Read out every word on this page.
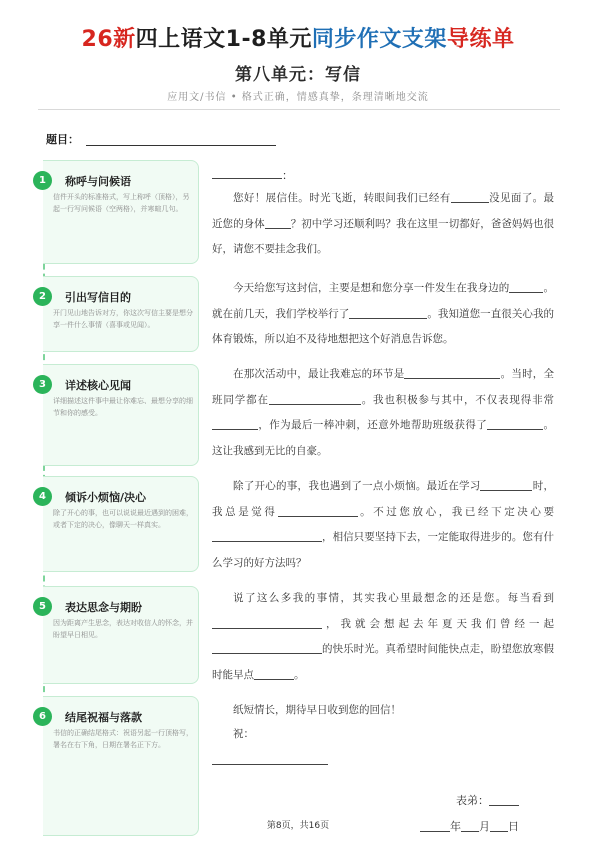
26新四上语文1-8单元同步作文支架导练单
第八单元：写信
应用文/书信 • 格式正确，情感真挚，条理清晰地交流
题目：
1	称呼与问候语
信件开头的标准格式，写上称呼（顶格），另起一行写问候语（空两格），并寒暄几句。
2	引出写信目的
开门见山地告诉对方，你这次写信主要是想分享一件什么事情（喜事或见闻）。
3	详述核心见闻
详细描述这件事中最让你难忘、最想分享的细节和你的感受。
4	倾诉小烦恼/决心
除了开心的事，也可以说说最近遇到的困难，或者下定的决心，像聊天一样真实。
5	表达思念与期盼
因为距离产生思念，表达对收信人的怀念，并盼望早日相见。
6	结尾祝福与落款
书信的正确结尾格式：祝语另起一行顶格写，署名在右下角，日期在署名正下方。
：
您好！展信佳。时光飞逝，转眼间我们已经有	没见面了。最近您的身体 ？初中学习还顺利吗？我在这里一切都好，爸爸妈妈也很好，请您不要挂念我们。
今天给您写这封信，主要是想和您分享一件发生在我身边的	。就在前几天，我们学校举行了	。我知道您一直很关心我的体育锻炼，所以迫不及待地想把这个好消息告诉您。
在那次活动中，最让我难忘的环节是	。当时，全班同学都在	。我也积极参与其中，不仅表现得非常，作为最后一棒冲刺，还意外地帮助班级获得了	。这让我感到无比的自豪。
除了开心的事，我也遇到了一点小烦恼。最近在学习	时，我总是觉得	。不过您放心，我已经下定决心要，相信只要坚持下去，一定能取得进步的。您有什么学习的好方法吗？
说了这么多我的事情，其实我心里最想念的还是您。每当看到，我就会想起去年夏天我们曾经一起的快乐时光。真希望时间能快点走，盼望您放寒假时能早点	。
纸短情长，期待早日收到您的回信！
祝：
表弟：
第8页，共16页	年 月 日
